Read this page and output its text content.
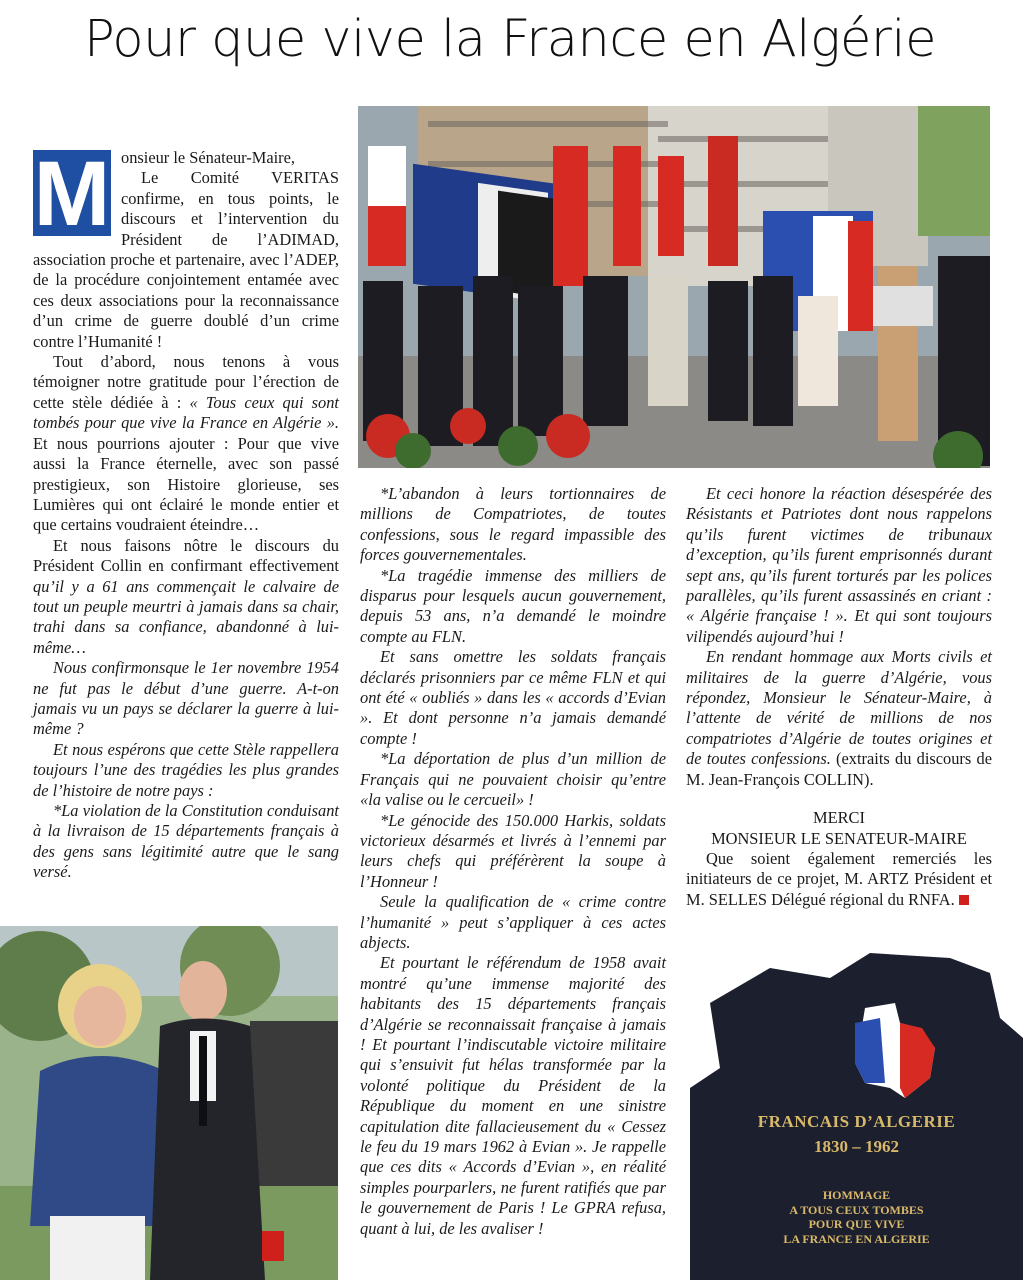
Pour que vive la France en Algérie
M onsieur le Sénateur-Maire,

Le Comité VERITAS confirme, en tous points, le discours et l’intervention du Président de l’ADIMAD, association proche et partenaire, avec l’ADEP, de la procédure conjointement entamée avec ces deux associations pour la reconnaissance d’un crime de guerre doublé d’un crime contre l’Humanité !

Tout d’abord, nous tenons à vous témoigner notre gratitude pour l’érection de cette stèle dédiée à : « Tous ceux qui sont tombés pour que vive la France en Algérie ». Et nous pourrions ajouter : Pour que vive aussi la France éternelle, avec son passé prestigieux, son Histoire glorieuse, ses Lumières qui ont éclairé le monde entier et que certains voudraient éteindre…

Et nous faisons nôtre le discours du Président Collin en confirmant effectivement qu’il y a 61 ans commençait le calvaire de tout un peuple meurtri à jamais dans sa chair, trahi dans sa confiance, abandonné à lui-même…

Nous confirmonsque le 1er novembre 1954 ne fut pas le début d’une guerre. A-t-on jamais vu un pays se déclarer la guerre à lui-même ?

Et nous espérons que cette Stèle rappellera toujours l’une des tragédies les plus grandes de l’histoire de notre pays :

*La violation de la Constitution conduisant à la livraison de 15 départements français à des gens sans légitimité autre que le sang versé.

*L’abandon à leurs tortionnaires de millions de Compatriotes, de toutes confessions, sous le regard impassible des forces gouvernementales.

*La tragédie immense des milliers de disparus pour lesquels aucun gouvernement, depuis 53 ans, n’a demandé le moindre compte au FLN.

Et sans omettre les soldats français déclarés prisonniers par ce même FLN et qui ont été « oubliés » dans les « accords d’Evian ». Et dont personne n’a jamais demandé compte !

*La déportation de plus d’un million de Français qui ne pouvaient choisir qu’entre «la valise ou le cercueil» !

*Le génocide des 150.000 Harkis, soldats victorieux désarmés et livrés à l’ennemi par leurs chefs qui préférèrent la soupe à l’Honneur !

Seule la qualification de « crime contre l’humanité » peut s’appliquer à ces actes abjects.

Et pourtant le référendum de 1958 avait montré qu’une immense majorité des habitants des 15 départements français d’Algérie se reconnaissait française à jamais ! Et pourtant l’indiscutable victoire militaire qui s’ensuivit fut hélas transformée par la volonté politique du Président de la République du moment en une sinistre capitulation dite fallacieusement du « Cessez le feu du 19 mars 1962 à Evian ». Je rappelle que ces dits « Accords d’Evian », en réalité simples pourparlers, ne furent ratifiés que par le gouvernement de Paris ! Le GPRA refusa, quant à lui, de les avaliser !

Et ceci honore la réaction désespérée des Résistants et Patriotes dont nous rappelons qu’ils furent victimes de tribunaux d’exception, qu’ils furent emprisonnés durant sept ans, qu’ils furent torturés par les polices parallèles, qu’ils furent assassinés en criant : « Algérie française ! ». Et qui sont toujours vilipendés aujourd’hui !

En rendant hommage aux Morts civils et militaires de la guerre d’Algérie, vous répondez, Monsieur le Sénateur-Maire, à l’attente de vérité de millions de nos compatriotes d’Algérie de toutes origines et de toutes confessions. (extraits du discours de M. Jean-François COLLIN).

MERCI

MONSIEUR LE SENATEUR-MAIRE

Que soient également remerciés les initiateurs de ce projet, M. ARTZ Président et M. SELLES Délégué régional du RNFA.

FRANCAIS D’ALGERIE
1830 – 1962
HOMMAGE
A TOUS CEUX TOMBES
POUR QUE VIVE
LA FRANCE EN ALGERIE
